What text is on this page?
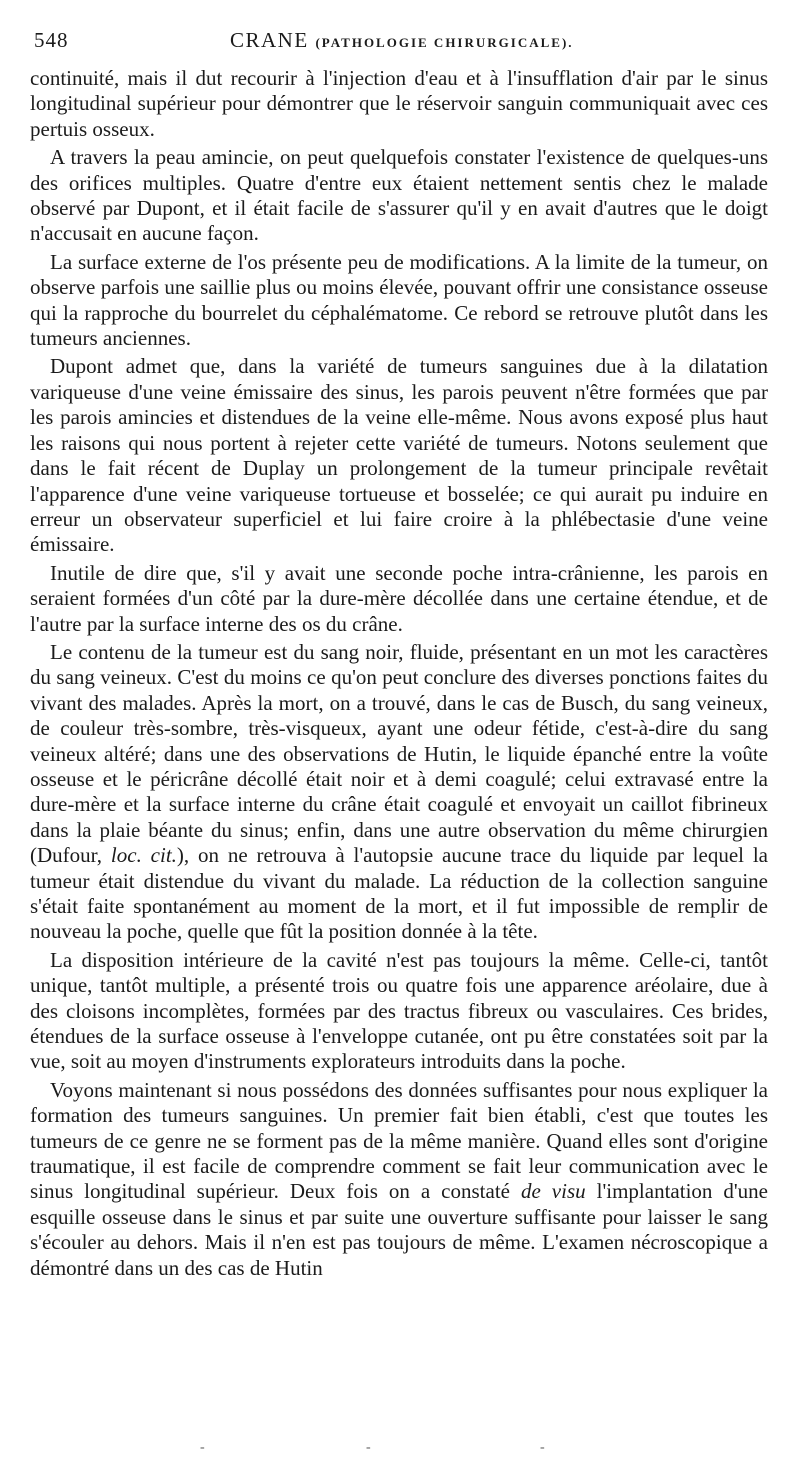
548	CRANE (PATHOLOGIE CHIRURGICALE).

continuité, mais il dut recourir à l'injection d'eau et à l'insufflation d'air par le sinus longitudinal supérieur pour démontrer que le réservoir sanguin communiquait avec ces pertuis osseux.

A travers la peau amincie, on peut quelquefois constater l'existence de quelques-uns des orifices multiples. Quatre d'entre eux étaient nettement sentis chez le malade observé par Dupont, et il était facile de s'assurer qu'il y en avait d'autres que le doigt n'accusait en aucune façon.

La surface externe de l'os présente peu de modifications. A la limite de la tumeur, on observe parfois une saillie plus ou moins élevée, pouvant offrir une consistance osseuse qui la rapproche du bourrelet du céphalématome. Ce rebord se retrouve plutôt dans les tumeurs anciennes.

Dupont admet que, dans la variété de tumeurs sanguines due à la dilatation variqueuse d'une veine émissaire des sinus, les parois peuvent n'être formées que par les parois amincies et distendues de la veine elle-même. Nous avons exposé plus haut les raisons qui nous portent à rejeter cette variété de tumeurs. Notons seulement que dans le fait récent de Duplay un prolongement de la tumeur principale revêtait l'apparence d'une veine variqueuse tortueuse et bosselée; ce qui aurait pu induire en erreur un observateur superficiel et lui faire croire à la phlébectasie d'une veine émissaire.

Inutile de dire que, s'il y avait une seconde poche intra-crânienne, les parois en seraient formées d'un côté par la dure-mère décollée dans une certaine étendue, et de l'autre par la surface interne des os du crâne.

Le contenu de la tumeur est du sang noir, fluide, présentant en un mot les caractères du sang veineux. C'est du moins ce qu'on peut conclure des diverses ponctions faites du vivant des malades. Après la mort, on a trouvé, dans le cas de Busch, du sang veineux, de couleur très-sombre, très-visqueux, ayant une odeur fétide, c'est-à-dire du sang veineux altéré; dans une des observations de Hutin, le liquide épanché entre la voûte osseuse et le péricrâne décollé était noir et à demi coagulé; celui extravasé entre la dure-mère et la surface interne du crâne était coagulé et envoyait un caillot fibrineux dans la plaie béante du sinus; enfin, dans une autre observation du même chirurgien (Dufour, loc. cit.), on ne retrouva à l'autopsie aucune trace du liquide par lequel la tumeur était distendue du vivant du malade. La réduction de la collection sanguine s'était faite spontanément au moment de la mort, et il fut impossible de remplir de nouveau la poche, quelle que fût la position donnée à la tête.

La disposition intérieure de la cavité n'est pas toujours la même. Celle-ci, tantôt unique, tantôt multiple, a présenté trois ou quatre fois une apparence aréolaire, due à des cloisons incomplètes, formées par des tractus fibreux ou vasculaires. Ces brides, étendues de la surface osseuse à l'enveloppe cutanée, ont pu être constatées soit par la vue, soit au moyen d'instruments explorateurs introduits dans la poche.

Voyons maintenant si nous possédons des données suffisantes pour nous expliquer la formation des tumeurs sanguines. Un premier fait bien établi, c'est que toutes les tumeurs de ce genre ne se forment pas de la même manière. Quand elles sont d'origine traumatique, il est facile de comprendre comment se fait leur communication avec le sinus longitudinal supérieur. Deux fois on a constaté de visu l'implantation d'une esquille osseuse dans le sinus et par suite une ouverture suffisante pour laisser le sang s'écouler au dehors. Mais il n'en est pas toujours de même. L'examen nécroscopique a démontré dans un des cas de Hutin

-	-	-
